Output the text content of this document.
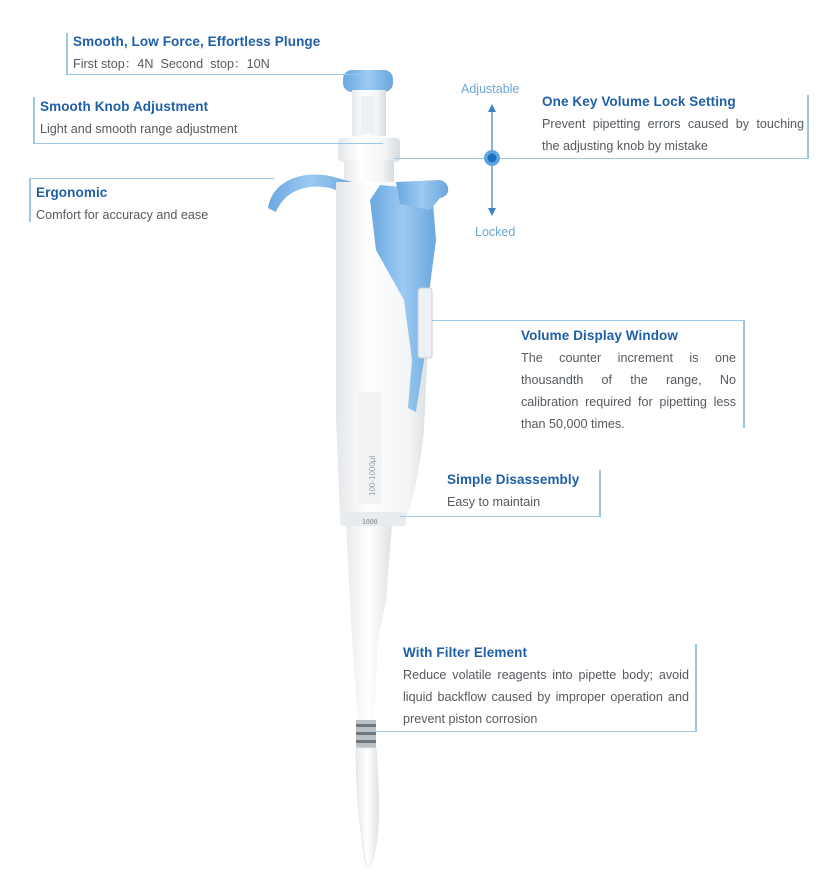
100-1000μl
1000
Adjustable
Locked
Smooth, Low Force, Effortless Plunge
First stop：4N  Second  stop：10N
Smooth Knob Adjustment
Light and smooth range adjustment
Ergonomic
Comfort for accuracy and ease
One Key Volume Lock Setting
Prevent pipetting errors caused by touching the adjusting knob by mistake
Volume Display Window
The counter increment is one thousandth of the range, No calibration required for pipetting less than 50,000 times.
Simple Disassembly
Easy to maintain
With Filter Element
Reduce volatile reagents into pipette body; avoid liquid backflow caused by improper operation and prevent piston corrosion
